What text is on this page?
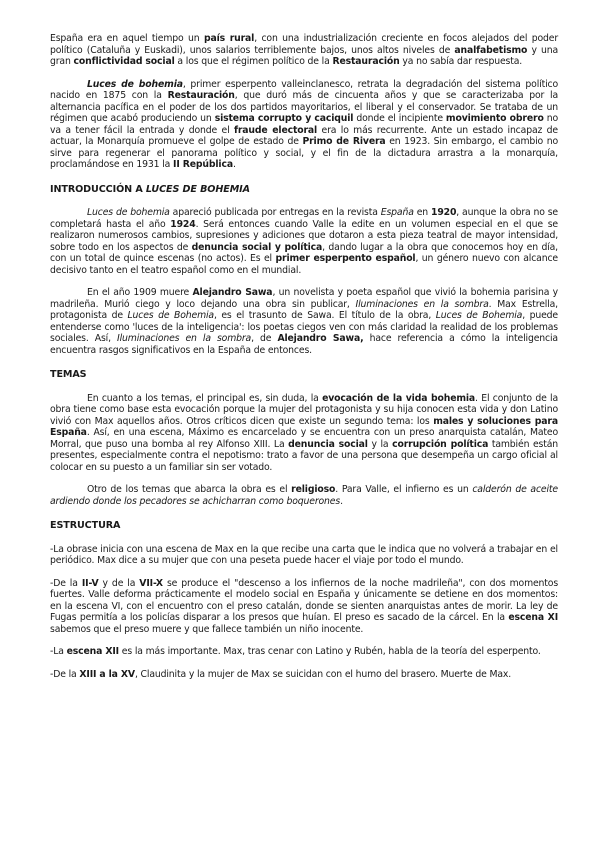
España era en aquel tiempo un país rural, con una industrialización creciente en focos alejados del poder político (Cataluña y Euskadi), unos salarios terriblemente bajos, unos altos niveles de analfabetismo y una gran conflictividad social a los que el régimen político de la Restauración ya no sabía dar respuesta.

Luces de bohemia, primer esperpento valleinclanesco, retrata la degradación del sistema político nacido en 1875 con la Restauración, que duró más de cincuenta años y que se caracterizaba por la alternancia pacífica en el poder de los dos partidos mayoritarios, el liberal y el conservador. Se trataba de un régimen que acabó produciendo un sistema corrupto y caciquil donde el incipiente movimiento obrero no va a tener fácil la entrada y donde el fraude electoral era lo más recurrente. Ante un estado incapaz de actuar, la Monarquía promueve el golpe de estado de Primo de Rivera en 1923. Sin embargo, el cambio no sirve para regenerar el panorama político y social, y el fin de la dictadura arrastra a la monarquía, proclamándose en 1931 la II República.

INTRODUCCIÓN A LUCES DE BOHEMIA

Luces de bohemia apareció publicada por entregas en la revista España en 1920, aunque la obra no se completará hasta el año 1924. Será entonces cuando Valle la edite en un volumen especial en el que se realizaron numerosos cambios, supresiones y adiciones que dotaron a esta pieza teatral de mayor intensidad, sobre todo en los aspectos de denuncia social y política, dando lugar a la obra que conocemos hoy en día, con un total de quince escenas (no actos). Es el primer esperpento español, un género nuevo con alcance decisivo tanto en el teatro español como en el mundial.

En el año 1909 muere Alejandro Sawa, un novelista y poeta español que vivió la bohemia parisina y madrileña. Murió ciego y loco dejando una obra sin publicar, Iluminaciones en la sombra. Max Estrella, protagonista de Luces de Bohemia, es el trasunto de Sawa. El título de la obra, Luces de Bohemia, puede entenderse como 'luces de la inteligencia': los poetas ciegos ven con más claridad la realidad de los problemas sociales. Así, Iluminaciones en la sombra, de Alejandro Sawa, hace referencia a cómo la inteligencia encuentra rasgos significativos en la España de entonces.

TEMAS

En cuanto a los temas, el principal es, sin duda, la evocación de la vida bohemia. El conjunto de la obra tiene como base esta evocación porque la mujer del protagonista y su hija conocen esta vida y don Latino vivió con Max aquellos años. Otros críticos dicen que existe un segundo tema: los males y soluciones para España. Así, en una escena, Máximo es encarcelado y se encuentra con un preso anarquista catalán, Mateo Morral, que puso una bomba al rey Alfonso XIII. La denuncia social y la corrupción política también están presentes, especialmente contra el nepotismo: trato a favor de una persona que desempeña un cargo oficial al colocar en su puesto a un familiar sin ser votado.

Otro de los temas que abarca la obra es el religioso. Para Valle, el infierno es un calderón de aceite ardiendo donde los pecadores se achicharran como boquerones.

ESTRUCTURA

-La obrase inicia con una escena de Max en la que recibe una carta que le indica que no volverá a trabajar en el periódico. Max dice a su mujer que con una peseta puede hacer el viaje por todo el mundo.

-De la II-V y de la VII-X se produce el "descenso a los infiernos de la noche madrileña", con dos momentos fuertes. Valle deforma prácticamente el modelo social en España y únicamente se detiene en dos momentos: en la escena VI, con el encuentro con el preso catalán, donde se sienten anarquistas antes de morir. La ley de Fugas permitía a los policías disparar a los presos que huían. El preso es sacado de la cárcel. En la escena XI sabemos que el preso muere y que fallece también un niño inocente.

-La escena XII es la más importante. Max, tras cenar con Latino y Rubén, habla de la teoría del esperpento.

-De la XIII a la XV, Claudinita y la mujer de Max se suicidan con el humo del brasero. Muerte de Max.
